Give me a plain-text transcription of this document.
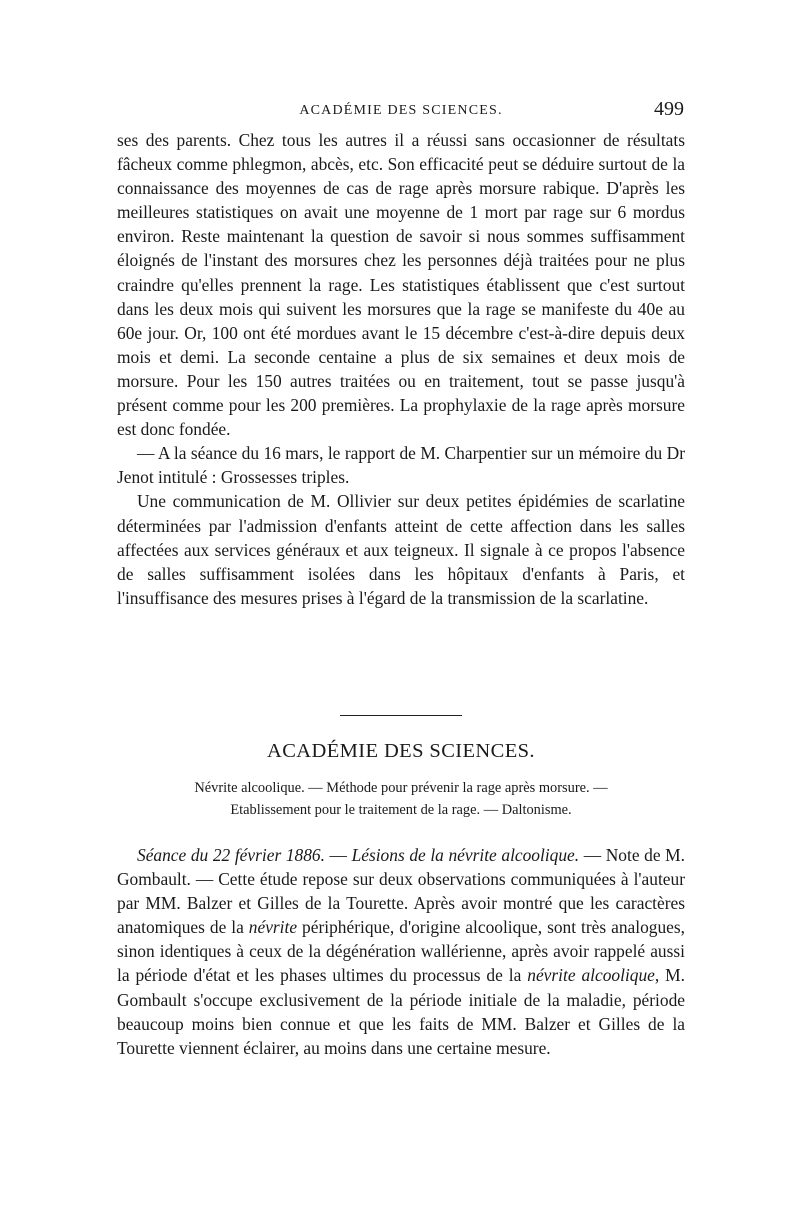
ACADÉMIE DES SCIENCES.	499

ses des parents. Chez tous les autres il a réussi sans occasionner de résultats fâcheux comme phlegmon, abcès, etc. Son efficacité peut se déduire surtout de la connaissance des moyennes de cas de rage après morsure rabique. D'après les meilleures statistiques on avait une moyenne de 1 mort par rage sur 6 mordus environ. Reste maintenant la question de savoir si nous sommes suffisamment éloignés de l'instant des morsures chez les personnes déjà traitées pour ne plus craindre qu'elles prennent la rage. Les statistiques établissent que c'est surtout dans les deux mois qui suivent les morsures que la rage se manifeste du 40e au 60e jour. Or, 100 ont été mordues avant le 15 décembre c'est-à-dire depuis deux mois et demi. La seconde centaine a plus de six semaines et deux mois de morsure. Pour les 150 autres traitées ou en traitement, tout se passe jusqu'à présent comme pour les 200 premières. La prophylaxie de la rage après morsure est donc fondée.

— A la séance du 16 mars, le rapport de M. Charpentier sur un mémoire du Dr Jenot intitulé : Grossesses triples.

Une communication de M. Ollivier sur deux petites épidémies de scarlatine déterminées par l'admission d'enfants atteint de cette affection dans les salles affectées aux services généraux et aux teigneux. Il signale à ce propos l'absence de salles suffisamment isolées dans les hôpitaux d'enfants à Paris, et l'insuffisance des mesures prises à l'égard de la transmission de la scarlatine.

ACADÉMIE DES SCIENCES.
Névrite alcoolique. — Méthode pour prévenir la rage après morsure. —
Etablissement pour le traitement de la rage. — Daltonisme.

Séance du 22 février 1886. — Lésions de la névrite alcoolique. — Note de M. Gombault. — Cette étude repose sur deux observations communiquées à l'auteur par MM. Balzer et Gilles de la Tourette. Après avoir montré que les caractères anatomiques de la névrite périphérique, d'origine alcoolique, sont très analogues, sinon identiques à ceux de la dégénération wallérienne, après avoir rappelé aussi la période d'état et les phases ultimes du processus de la névrite alcoolique, M. Gombault s'occupe exclusivement de la période initiale de la maladie, période beaucoup moins bien connue et que les faits de MM. Balzer et Gilles de la Tourette viennent éclairer, au moins dans une certaine mesure.
